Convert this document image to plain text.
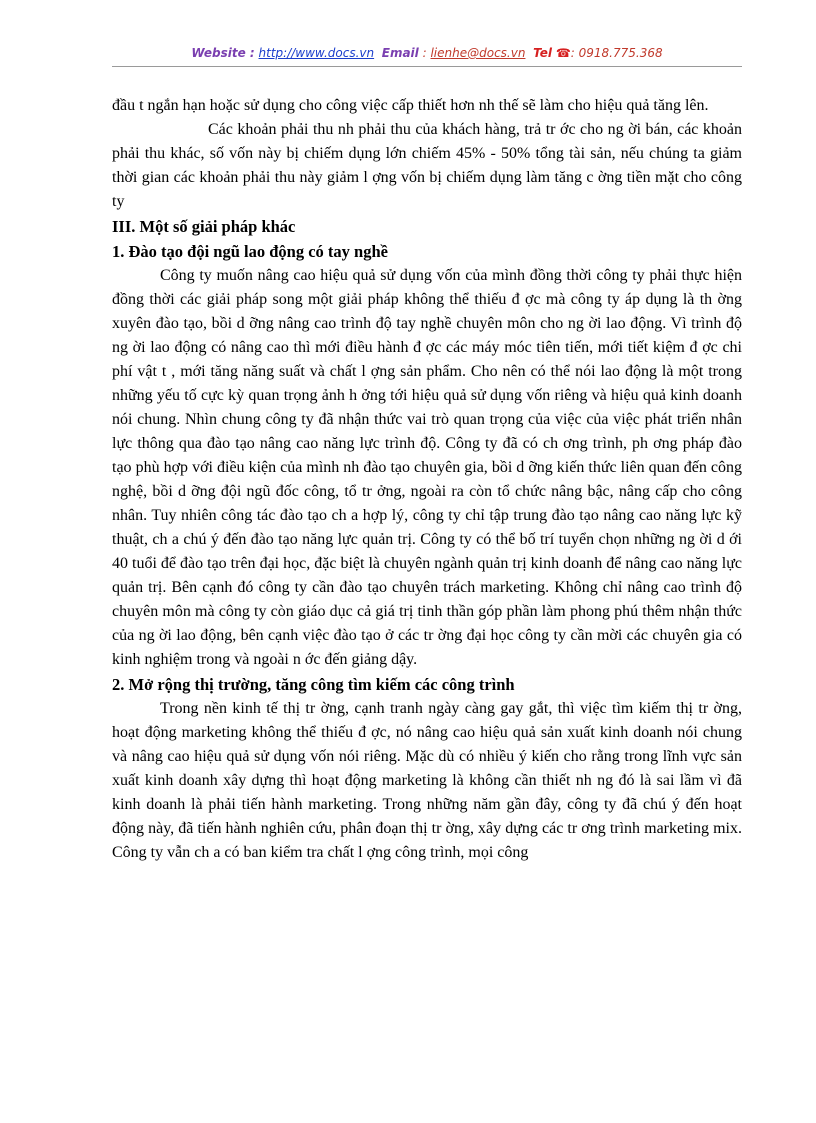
Website : http://www.docs.vn Email : lienhe@docs.vn Tel ☎: 0918.775.368

đầu t ngắn hạn hoặc sử dụng cho công việc cấp thiết hơn nh thế sẽ làm cho hiệu quả tăng lên.

Các khoản phải thu nh phải thu của khách hàng, trả tr ớc cho ng ời bán, các khoản phải thu khác, số vốn này bị chiếm dụng lớn chiếm 45% - 50% tổng tài sản, nếu chúng ta giảm thời gian các khoản phải thu này giảm l ợng vốn bị chiếm dụng làm tăng c ờng tiền mặt cho công ty

III. Một số giải pháp khác

1. Đào tạo đội ngũ lao động có tay nghề

Công ty muốn nâng cao hiệu quả sử dụng vốn của mình đồng thời công ty phải thực hiện đồng thời các giải pháp song một giải pháp không thể thiếu đ ợc mà công ty áp dụng là th ờng xuyên đào tạo, bồi d ỡng nâng cao trình độ tay nghề chuyên môn cho ng ời lao động. Vì trình độ ng ời lao động có nâng cao thì mới điều hành đ ợc các máy móc tiên tiến, mới tiết kiệm đ ợc chi phí vật t , mới tăng năng suất và chất l ợng sản phẩm. Cho nên có thể nói lao động là một trong những yếu tố cực kỳ quan trọng ảnh h ởng tới hiệu quả sử dụng vốn riêng và hiệu quả kinh doanh nói chung. Nhìn chung công ty đã nhận thức vai trò quan trọng của việc của việc phát triển nhân lực thông qua đào tạo nâng cao năng lực trình độ. Công ty đã có ch ơng trình, ph ơng pháp đào tạo phù hợp với điều kiện của mình nh đào tạo chuyên gia, bồi d ỡng kiến thức liên quan đến công nghệ, bồi d ỡng đội ngũ đốc công, tổ tr ởng, ngoài ra còn tổ chức nâng bậc, nâng cấp cho công nhân. Tuy nhiên công tác đào tạo ch a hợp lý, công ty chỉ tập trung đào tạo nâng cao năng lực kỹ thuật, ch a chú ý đến đào tạo năng lực quản trị. Công ty có thể bố trí tuyển chọn những ng ời d ới 40 tuổi để đào tạo trên đại học, đặc biệt là chuyên ngành quản trị kinh doanh để nâng cao năng lực quản trị. Bên cạnh đó công ty cần đào tạo chuyên trách marketing. Không chỉ nâng cao trình độ chuyên môn mà công ty còn giáo dục cả giá trị tinh thần góp phần làm phong phú thêm nhận thức của ng ời lao động, bên cạnh việc đào tạo ở các tr ờng đại học công ty cần mời các chuyên gia có kinh nghiệm trong và ngoài n ớc đến giảng dậy.

2. Mở rộng thị trường, tăng công tìm kiếm các công trình

Trong nền kinh tế thị tr ờng, cạnh tranh ngày càng gay gắt, thì việc tìm kiếm thị tr ờng, hoạt động marketing không thể thiếu đ ợc, nó nâng cao hiệu quả sản xuất kinh doanh nói chung và nâng cao hiệu quả sử dụng vốn nói riêng. Mặc dù có nhiều ý kiến cho rằng trong lĩnh vực sản xuất kinh doanh xây dựng thì hoạt động marketing là không cần thiết nh ng đó là sai lầm vì đã kinh doanh là phải tiến hành marketing. Trong những năm gần đây, công ty đã chú ý đến hoạt động này, đã tiến hành nghiên cứu, phân đoạn thị tr ờng, xây dựng các tr ơng trình marketing mix. Công ty vẫn ch a có ban kiểm tra chất l ợng công trình, mọi công
